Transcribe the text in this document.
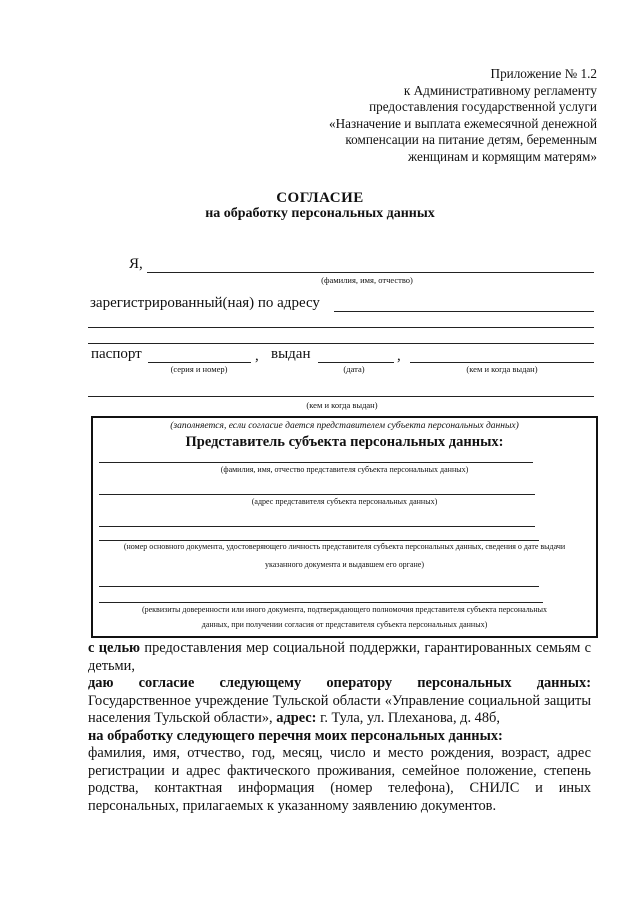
Приложение № 1.2
к Административному регламенту
предоставления государственной услуги
«Назначение и выплата ежемесячной денежной
компенсации на питание детям, беременным
женщинам и кормящим матерям»
СОГЛАСИЕ
на обработку персональных данных
Я,
(фамилия, имя, отчество)
зарегистрированный(ная) по адресу
паспорт	, выдан	,
(серия и номер)	(дата)	(кем и когда выдан)
(кем и когда выдан)
(заполняется, если согласие дается представителем субъекта персональных данных)
Представитель субъекта персональных данных:
(фамилия, имя, отчество представителя субъекта персональных данных)
(адрес представителя субъекта персональных данных)
(номер основного документа, удостоверяющего личность представителя субъекта персональных данных, сведения о дате выдачи
указанного документа и выдавшем его органе)
(реквизиты доверенности или иного документа, подтверждающего полномочия представителя субъекта персональных
данных, при получении согласия от представителя субъекта персональных данных)

с целью предоставления мер социальной поддержки, гарантированных семьям с детьми,

даю согласие следующему оператору персональных данных:

Государственное учреждение Тульской области «Управление социальной защиты населения Тульской области», адрес: г. Тула, ул. Плеханова, д. 48б,

на обработку следующего перечня моих персональных данных:

фамилия, имя, отчество, год, месяц, число и место рождения, возраст, адрес регистрации и адрес фактического проживания, семейное положение, степень родства, контактная информация (номер телефона), СНИЛС и иных персональных, прилагаемых к указанному заявлению документов.
